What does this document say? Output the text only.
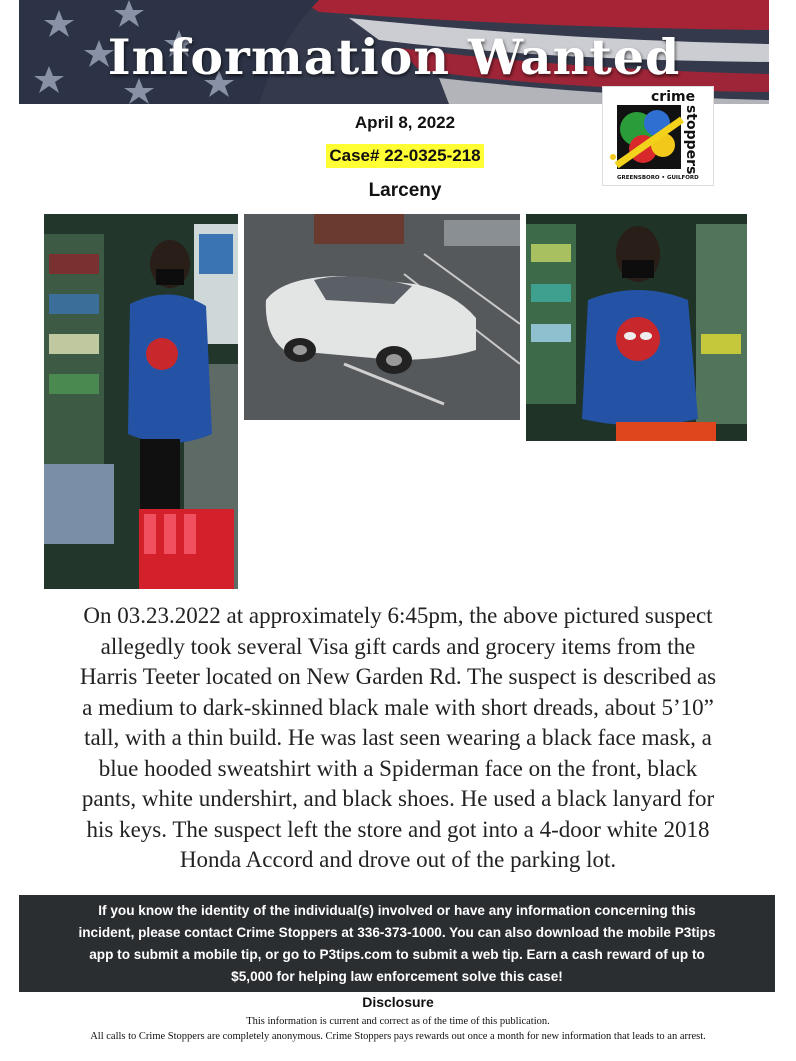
Information Wanted
crime
stoppers
GREENSBORO • GUILFORD
April 8, 2022
Case# 22-0325-218
Larceny
On 03.23.2022 at approximately 6:45pm, the above pictured suspect
allegedly took several Visa gift cards and grocery items from the
Harris Teeter located on New Garden Rd. The suspect is described as
a medium to dark-skinned black male with short dreads, about 5’10”
tall, with a thin build. He was last seen wearing a black face mask, a
blue hooded sweatshirt with a Spiderman face on the front, black
pants, white undershirt, and black shoes. He used a black lanyard for
his keys. The suspect left the store and got into a 4-door white 2018
Honda Accord and drove out of the parking lot.
If you know the identity of the individual(s) involved or have any information concerning this
incident, please contact Crime Stoppers at 336-373-1000. You can also download the mobile P3tips
app to submit a mobile tip, or go to P3tips.com to submit a web tip. Earn a cash reward of up to
$5,000 for helping law enforcement solve this case!
Disclosure
This information is current and correct as of the time of this publication.
All calls to Crime Stoppers are completely anonymous. Crime Stoppers pays rewards out once a month for new information that leads to an arrest.
